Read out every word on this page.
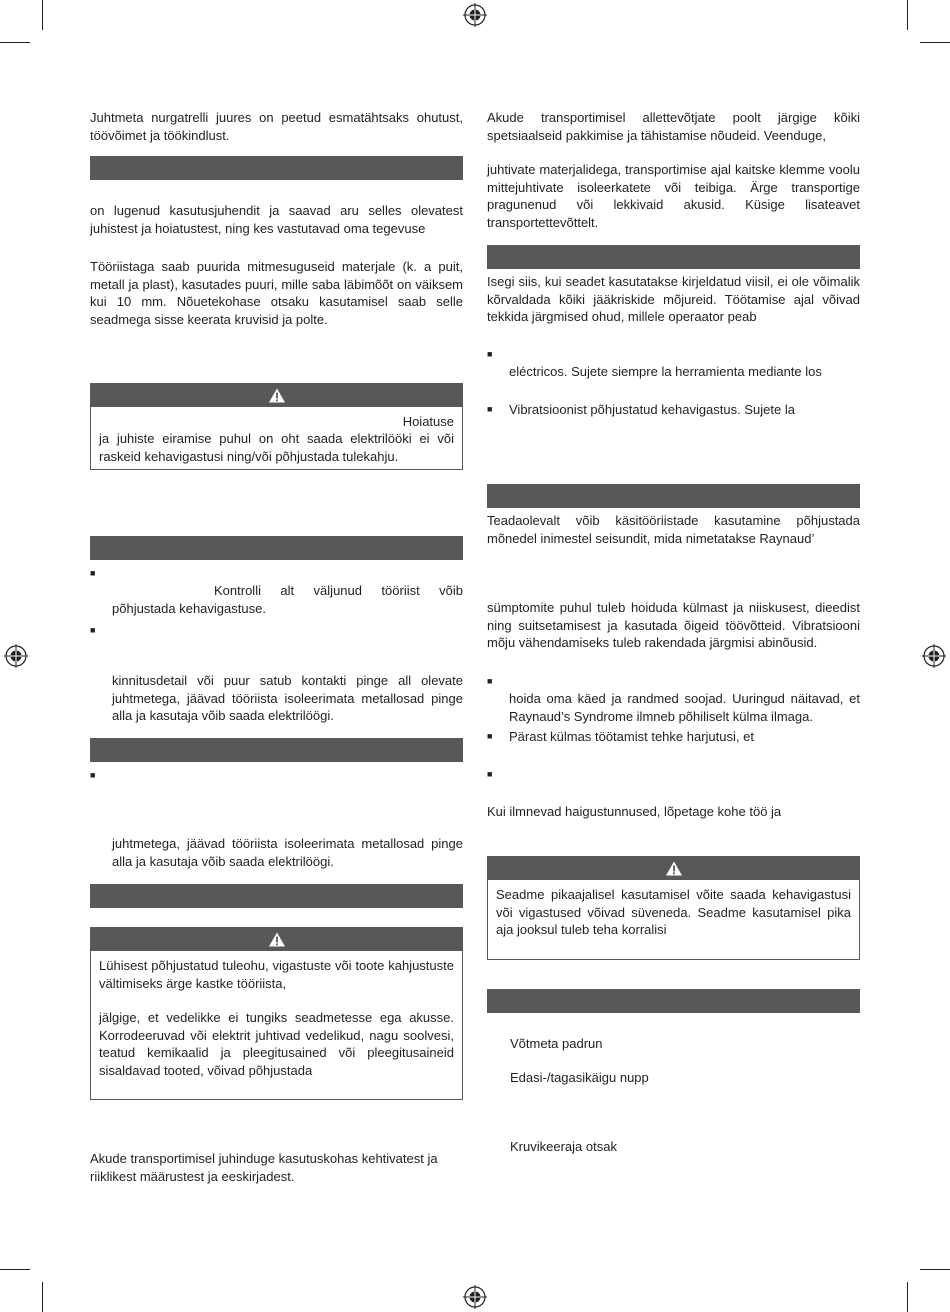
Juhtmeta nurgatrelli juures on peetud esmatähtsaks ohutust, töövõimet ja töökindlust.

on lugenud kasutusjuhendit ja saavad aru selles olevatest juhistest ja hoiatustest, ning kes vastutavad oma tegevuse

Tööriistaga saab puurida mitmesuguseid materjale (k. a puit, metall ja plast), kasutades puuri, mille saba läbimõõt on väiksem kui 10 mm. Nõuetekohase otsaku kasutamisel saab selle seadmega sisse keerata kruvisid ja polte.

Hoiatuse

ja juhiste eiramise puhul on oht saada elektrilööki ei või raskeid kehavigastusi ning/või põhjustada tulekahju.

■

Kontrolli alt väljunud tööriist võib põhjustada kehavigastuse.

■

kinnitusdetail või puur satub kontakti pinge all olevate juhtmetega, jäävad tööriista isoleerimata metallosad pinge alla ja kasutaja võib saada elektrilöögi.

■

juhtmetega, jäävad tööriista isoleerimata metallosad pinge alla ja kasutaja võib saada elektrilöögi.

Lühisest põhjustatud tuleohu, vigastuste või toote kahjustuste vältimiseks ärge kastke tööriista,

jälgige, et vedelikke ei tungiks seadmetesse ega akusse. Korrodeeruvad või elektrit juhtivad vedelikud, nagu soolvesi, teatud kemikaalid ja pleegitusained või pleegitusaineid sisaldavad tooted, võivad põhjustada

Akude transportimisel juhinduge kasutuskohas kehtivatest ja riiklikest määrustest ja eeskirjadest.

Akude transportimisel allettevõtjate poolt järgige kõiki spetsiaalseid pakkimise ja tähistamise nõudeid. Veenduge,

juhtivate materjalidega, transportimise ajal kaitske klemme voolu mittejuhtivate isoleerkatete või teibiga. Ärge transportige pragunenud või lekkivaid akusid. Küsige lisateavet transportettevõttelt.

Isegi siis, kui seadet kasutatakse kirjeldatud viisil, ei ole võimalik kõrvaldada kõiki jääkriskide mõjureid. Töötamise ajal võivad tekkida järgmised ohud, millele operaator peab

■

eléctricos. Sujete siempre la herramienta mediante los

■ Vibratsioonist põhjustatud kehavigastus. Sujete la

Teadaolevalt võib käsitööriistade kasutamine põhjustada mõnedel inimestel seisundit, mida nimetatakse Raynaud’

sümptomite puhul tuleb hoiduda külmast ja niiskusest, dieedist ning suitsetamisest ja kasutada õigeid töövõtteid. Vibratsiooni mõju vähendamiseks tuleb rakendada järgmisi abinõusid.

■

hoida oma käed ja randmed soojad. Uuringud näitavad, et Raynaud’s Syndrome ilmneb põhiliselt külma ilmaga.

■ Pärast külmas töötamist tehke harjutusi, et

■

Kui ilmnevad haigustunnused, lõpetage kohe töö ja

Seadme pikaajalisel kasutamisel võite saada kehavigastusi või vigastused võivad süveneda. Seadme kasutamisel pika aja jooksul tuleb teha korralisi

Võtmeta padrun
Edasi-/tagasikäigu nupp
Kruvikeeraja otsak
